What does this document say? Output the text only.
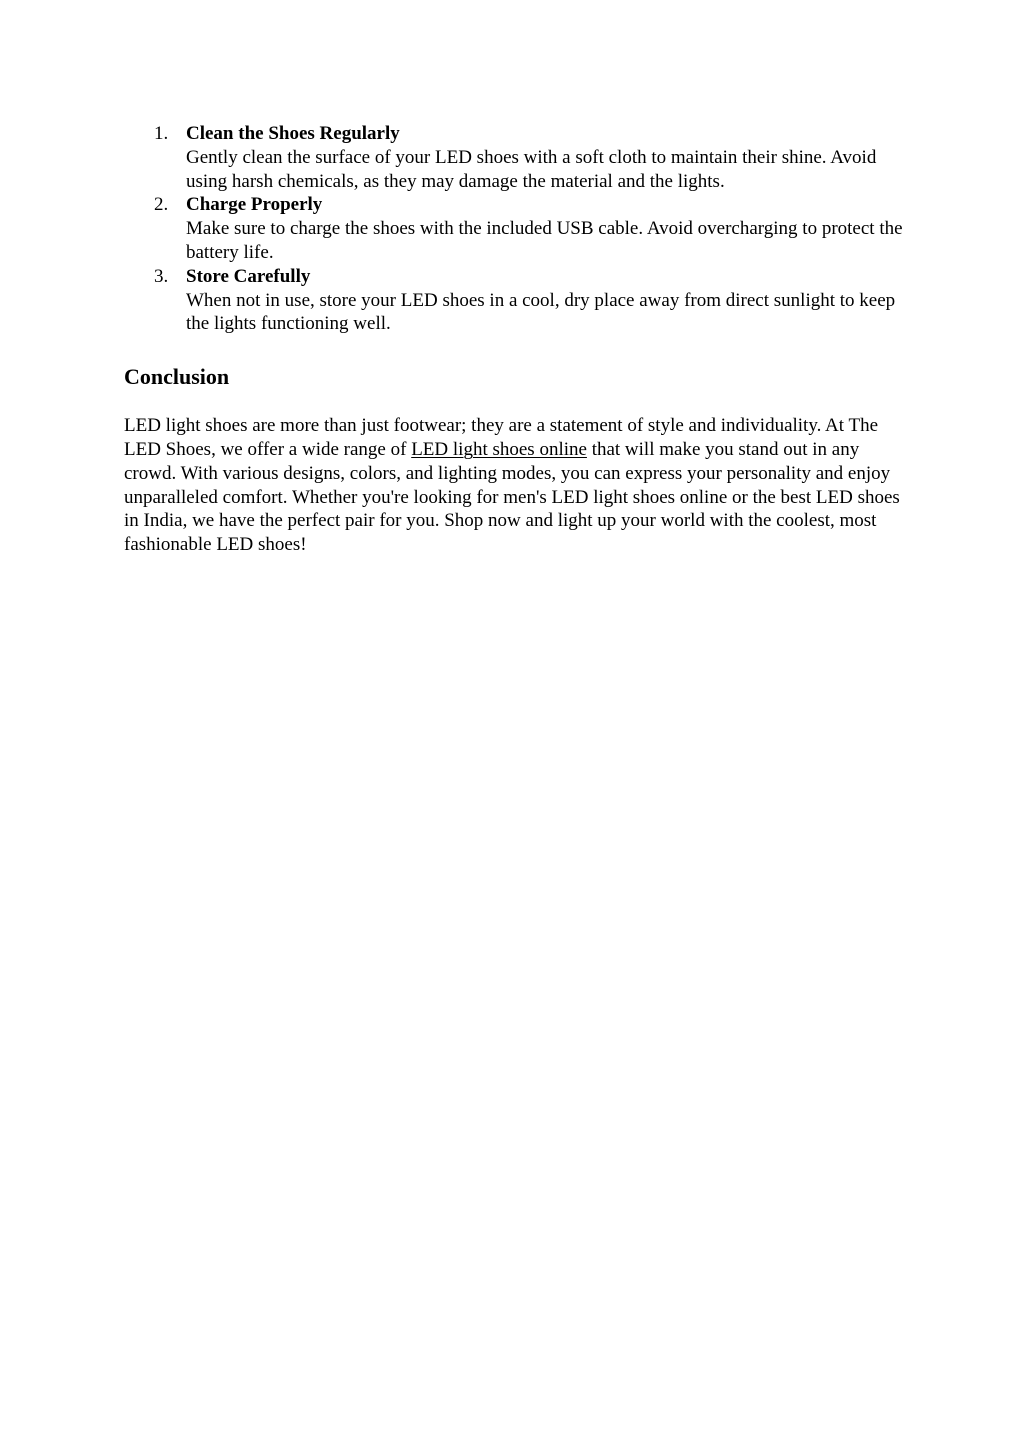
1. Clean the Shoes Regularly
Gently clean the surface of your LED shoes with a soft cloth to maintain their shine. Avoid using harsh chemicals, as they may damage the material and the lights.
2. Charge Properly
Make sure to charge the shoes with the included USB cable. Avoid overcharging to protect the battery life.
3. Store Carefully
When not in use, store your LED shoes in a cool, dry place away from direct sunlight to keep the lights functioning well.
Conclusion

LED light shoes are more than just footwear; they are a statement of style and individuality. At The LED Shoes, we offer a wide range of LED light shoes online that will make you stand out in any crowd. With various designs, colors, and lighting modes, you can express your personality and enjoy unparalleled comfort. Whether you're looking for men's LED light shoes online or the best LED shoes in India, we have the perfect pair for you. Shop now and light up your world with the coolest, most fashionable LED shoes!
